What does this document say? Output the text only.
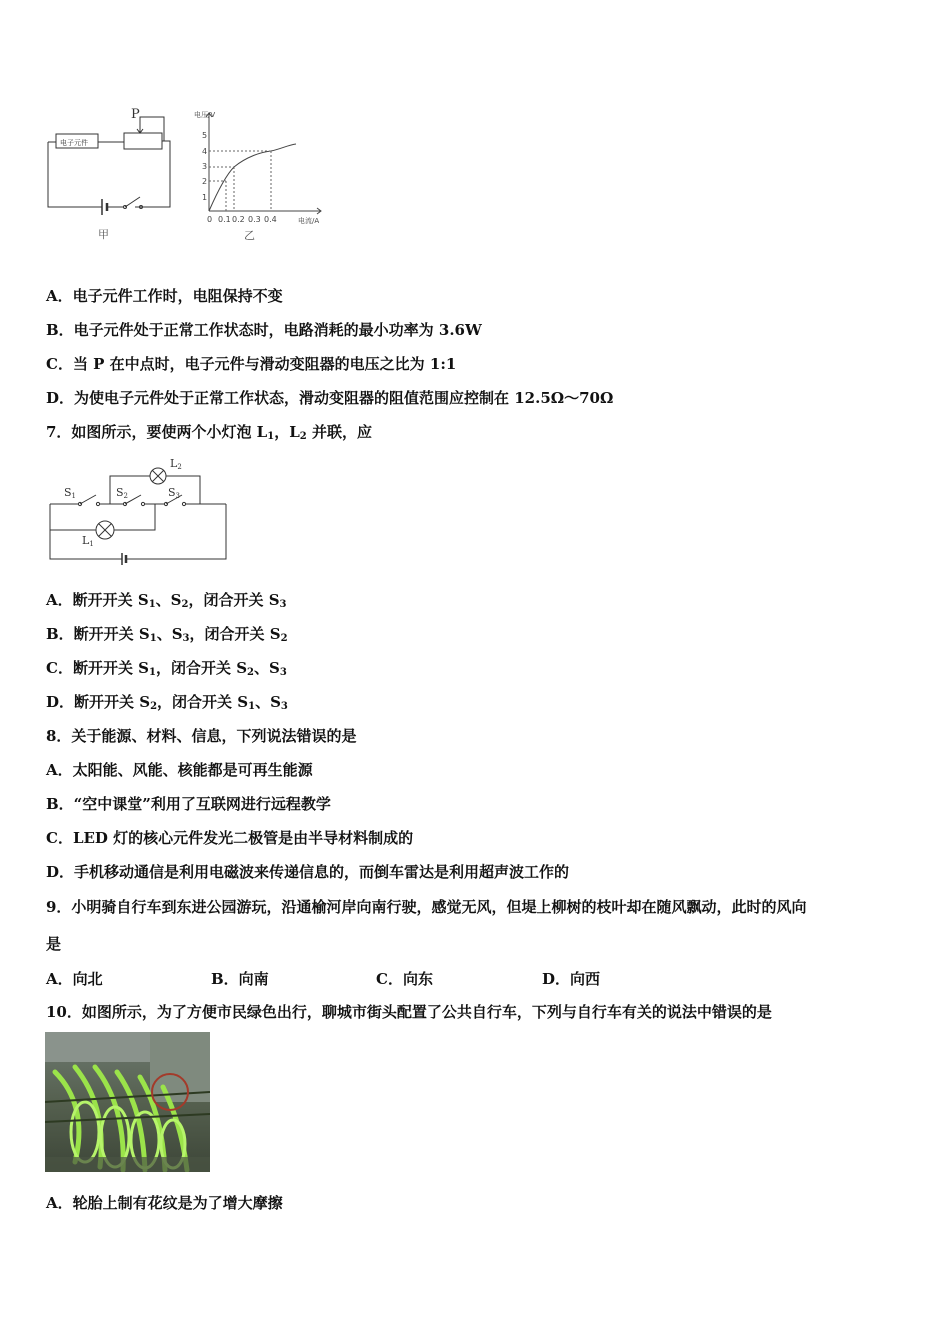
电子元件
P
甲
电压/V
电流/A
1
2
3
4
5
0 0.1 0.2 0.3 0.4
乙
A．电子元件工作时，电阻保持不变
B．电子元件处于正常工作状态时，电路消耗的最小功率为 3.6W
C．当 P 在中点时，电子元件与滑动变阻器的电压之比为 1:1
D．为使电子元件处于正常工作状态，滑动变阻器的阻值范围应控制在 12.5Ω～70Ω
7．如图所示，要使两个小灯泡 $L_1$，$L_2$ 并联，应
L2
S1	S2	S3
L1
A．断开开关 $S_1$、$S_2$，闭合开关 $S_3$
B．断开开关 $S_1$、$S_3$，闭合开关 $S_2$
C．断开开关 $S_1$，闭合开关 $S_2$、$S_3$
D．断开开关 $S_2$，闭合开关 $S_1$、$S_3$
8．关于能源、材料、信息，下列说法错误的是
A．太阳能、风能、核能都是可再生能源
B．“空中课堂”利用了互联网进行远程教学
C．LED 灯的核心元件发光二极管是由半导材料制成的
D．手机移动通信是利用电磁波来传递信息的，而倒车雷达是利用超声波工作的
9．小明骑自行车到东进公园游玩，沿通榆河岸向南行驶，感觉无风，但堤上柳树的枝叶却在随风飘动，此时的风向
是
A．向北	B．向南	C．向东	D．向西
10．如图所示，为了方便市民绿色出行，聊城市街头配置了公共自行车，下列与自行车有关的说法中错误的是
A．轮胎上制有花纹是为了增大摩擦
